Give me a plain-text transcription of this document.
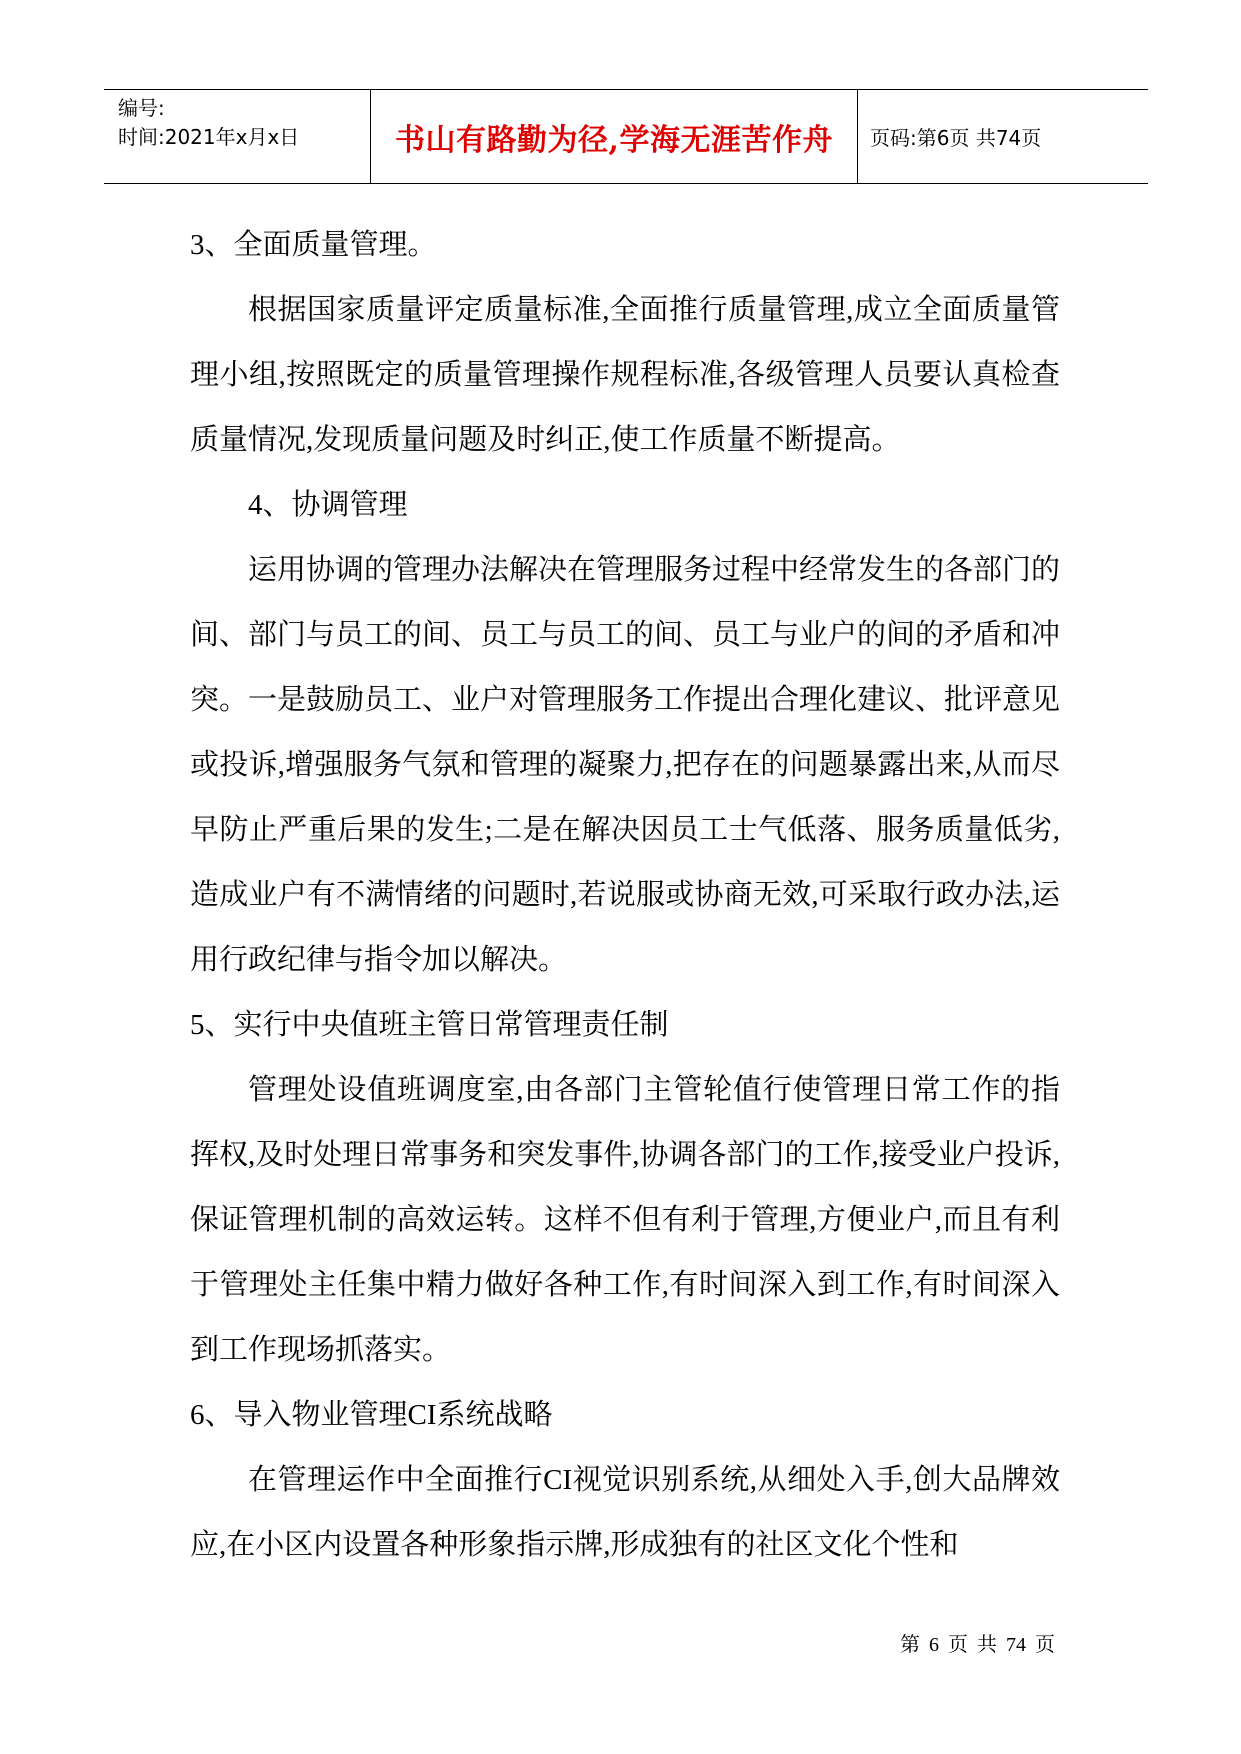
编号:
时间:2021年x月x日	书山有路勤为径,学海无涯苦作舟	页码:第6页 共74页

3、全面质量管理。

根据国家质量评定质量标准,全面推行质量管理,成立全面质量管理小组,按照既定的质量管理操作规程标准,各级管理人员要认真检查质量情况,发现质量问题及时纠正,使工作质量不断提高。

4、协调管理

运用协调的管理办法解决在管理服务过程中经常发生的各部门的间、部门与员工的间、员工与员工的间、员工与业户的间的矛盾和冲突。一是鼓励员工、业户对管理服务工作提出合理化建议、批评意见或投诉,增强服务气氛和管理的凝聚力,把存在的问题暴露出来,从而尽早防止严重后果的发生;二是在解决因员工士气低落、服务质量低劣,造成业户有不满情绪的问题时,若说服或协商无效,可采取行政办法,运用行政纪律与指令加以解决。

5、实行中央值班主管日常管理责任制

管理处设值班调度室,由各部门主管轮值行使管理日常工作的指挥权,及时处理日常事务和突发事件,协调各部门的工作,接受业户投诉,保证管理机制的高效运转。这样不但有利于管理,方便业户,而且有利于管理处主任集中精力做好各种工作,有时间深入到工作,有时间深入到工作现场抓落实。

6、导入物业管理CI系统战略

在管理运作中全面推行CI视觉识别系统,从细处入手,创大品牌效应,在小区内设置各种形象指示牌,形成独有的社区文化个性和

第 6 页 共 74 页
